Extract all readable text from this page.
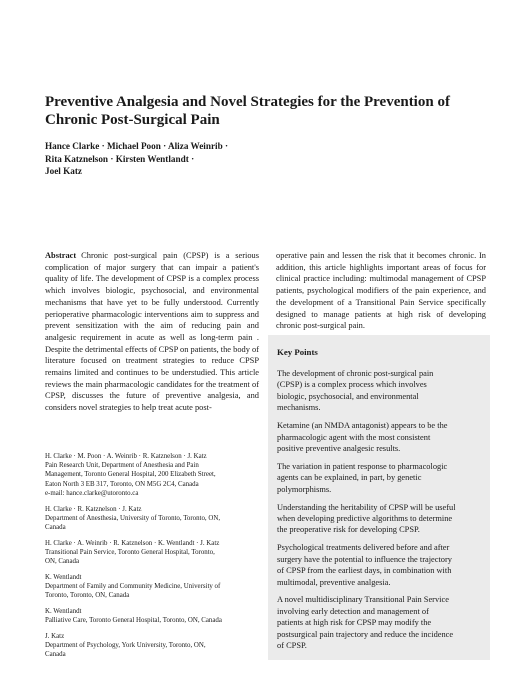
Preventive Analgesia and Novel Strategies for the Prevention of Chronic Post-Surgical Pain
Hance Clarke · Michael Poon · Aliza Weinrib ·
Rita Katznelson · Kirsten Wentlandt ·
Joel Katz
Abstract Chronic post-surgical pain (CPSP) is a serious complication of major surgery that can impair a patient's quality of life. The development of CPSP is a complex process which involves biologic, psychosocial, and environmental mechanisms that have yet to be fully understood. Currently perioperative pharmacologic interventions aim to suppress and prevent sensitization with the aim of reducing pain and analgesic requirement in acute as well as long-term pain . Despite the detrimental effects of CPSP on patients, the body of literature focused on treatment strategies to reduce CPSP remains limited and continues to be understudied. This article reviews the main pharmacologic candidates for the treatment of CPSP, discusses the future of preventive analgesia, and considers novel strategies to help treat acute post-
H. Clarke · M. Poon · A. Weinrib · R. Katznelson · J. Katz
Pain Research Unit, Department of Anesthesia and Pain
Management, Toronto General Hospital, 200 Elizabeth Street,
Eaton North 3 EB 317, Toronto, ON M5G 2C4, Canada
e-mail: hance.clarke@utoronto.ca
H. Clarke · R. Katznelson · J. Katz
Department of Anesthesia, University of Toronto, Toronto, ON,
Canada
H. Clarke · A. Weinrib · R. Katznelson · K. Wentlandt · J. Katz
Transitional Pain Service, Toronto General Hospital, Toronto,
ON, Canada
K. Wentlandt
Department of Family and Community Medicine, University of
Toronto, Toronto, ON, Canada
K. Wentlandt
Palliative Care, Toronto General Hospital, Toronto, ON, Canada
J. Katz
Department of Psychology, York University, Toronto, ON,
Canada
operative pain and lessen the risk that it becomes chronic. In addition, this article highlights important areas of focus for clinical practice including: multimodal management of CPSP patients, psychological modifiers of the pain experience, and the development of a Transitional Pain Service specifically designed to manage patients at high risk of developing chronic post-surgical pain.
Key Points
The development of chronic post-surgical pain
(CPSP) is a complex process which involves
biologic, psychosocial, and environmental
mechanisms.
Ketamine (an NMDA antagonist) appears to be the
pharmacologic agent with the most consistent
positive preventive analgesic results.
The variation in patient response to pharmacologic
agents can be explained, in part, by genetic
polymorphisms.
Understanding the heritability of CPSP will be useful
when developing predictive algorithms to determine
the preoperative risk for developing CPSP.
Psychological treatments delivered before and after
surgery have the potential to influence the trajectory
of CPSP from the earliest days, in combination with
multimodal, preventive analgesia.
A novel multidisciplinary Transitional Pain Service
involving early detection and management of
patients at high risk for CPSP may modify the
postsurgical pain trajectory and reduce the incidence
of CPSP.
